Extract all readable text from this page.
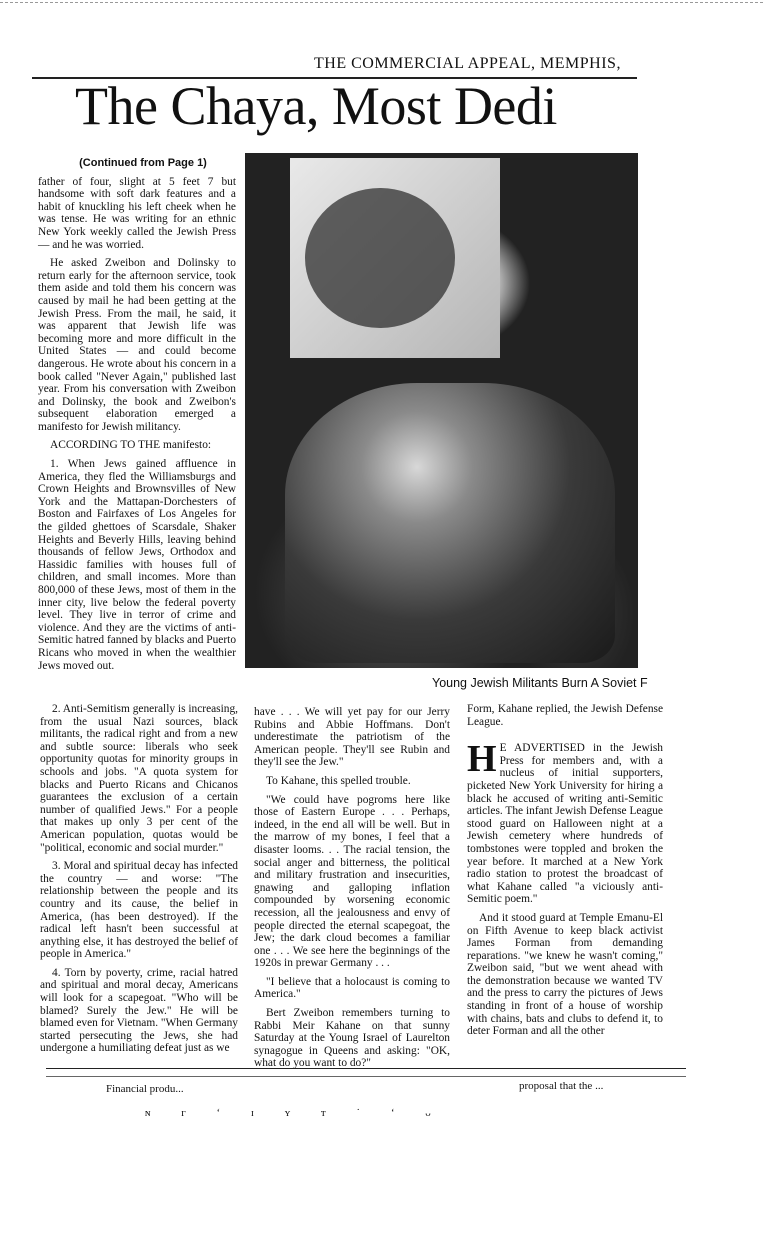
THE COMMERCIAL APPEAL, MEMPHIS,
The Chaya, Most Dedi

(Continued from Page 1)

father of four, slight at 5 feet 7 but handsome with soft dark features and a habit of knuckling his left cheek when he was tense. He was writing for an ethnic New York weekly called the Jewish Press — and he was worried.

He asked Zweibon and Dolinsky to return early for the afternoon service, took them aside and told them his concern was caused by mail he had been getting at the Jewish Press. From the mail, he said, it was apparent that Jewish life was becoming more and more difficult in the United States — and could become dangerous. He wrote about his concern in a book called "Never Again," published last year. From his conversation with Zweibon and Dolinsky, the book and Zweibon's subsequent elaboration emerged a manifesto for Jewish militancy.

ACCORDING TO THE manifesto:

1. When Jews gained affluence in America, they fled the Williamsburgs and Crown Heights and Brownsvilles of New York and the Mattapan-Dorchesters of Boston and Fairfaxes of Los Angeles for the gilded ghettoes of Scarsdale, Shaker Heights and Beverly Hills, leaving behind thousands of fellow Jews, Orthodox and Hassidic families with houses full of children, and small incomes. More than 800,000 of these Jews, most of them in the inner city, live below the federal poverty level. They live in terror of crime and violence. And they are the victims of anti-Semitic hatred fanned by blacks and Puerto Ricans who moved in when the wealthier Jews moved out.

Young Jewish Militants Burn A Soviet F

2. Anti-Semitism generally is increasing, from the usual Nazi sources, black militants, the radical right and from a new and subtle source: liberals who seek opportunity quotas for minority groups in schools and jobs. "A quota system for blacks and Puerto Ricans and Chicanos guarantees the exclusion of a certain number of qualified Jews." For a people that makes up only 3 per cent of the American population, quotas would be "political, economic and social murder."

3. Moral and spiritual decay has infected the country — and worse: "The relationship between the people and its country and its cause, the belief in America, (has been destroyed). If the radical left hasn't been successful at anything else, it has destroyed the belief of people in America."

4. Torn by poverty, crime, racial hatred and spiritual and moral decay, Americans will look for a scapegoat. "Who will be blamed? Surely the Jew." He will be blamed even for Vietnam. "When Germany started persecuting the Jews, she had undergone a humiliating defeat just as we

have . . . We will yet pay for our Jerry Rubins and Abbie Hoffmans. Don't underestimate the patriotism of the American people. They'll see Rubin and they'll see the Jew."

To Kahane, this spelled trouble.

"We could have pogroms here like those of Eastern Europe . . . Perhaps, indeed, in the end all will be well. But in the marrow of my bones, I feel that a disaster looms. . . The racial tension, the social anger and bitterness, the political and military frustration and insecurities, gnawing and galloping inflation compounded by worsening economic recession, all the jealousness and envy of people directed the eternal scapegoat, the Jew; the dark cloud becomes a familiar one . . . We see here the beginnings of the 1920s in prewar Germany . . .

"I believe that a holocaust is coming to America."

Bert Zweibon remembers turning to Rabbi Meir Kahane on that sunny Saturday at the Young Israel of Laurelton synagogue in Queens and asking: "OK, what do you want to do?"

Form, Kahane replied, the Jewish Defense League.

H E ADVERTISED in the Jewish Press for members and, with a nucleus of initial supporters, picketed New York University for hiring a black he accused of writing anti-Semitic articles. The infant Jewish Defense League stood guard on Halloween night at a Jewish cemetery where hundreds of tombstones were toppled and broken the year before. It marched at a New York radio station to protest the broadcast of what Kahane called "a viciously anti-Semitic poem."

And it stood guard at Temple Emanu-El on Fifth Avenue to keep black activist James Forman from demanding reparations. "we knew he wasn't coming," Zweibon said, "but we went ahead with the demonstration because we wanted TV and the press to carry the pictures of Jews standing in front of a house of worship with chains, bats and clubs to defend it, to deter Forman and all the other

Financial produ...	proposal that the ...
ɴ ᴦ ʻ ɪ ʏ ᴛ ˙ ʻ ᴗ
